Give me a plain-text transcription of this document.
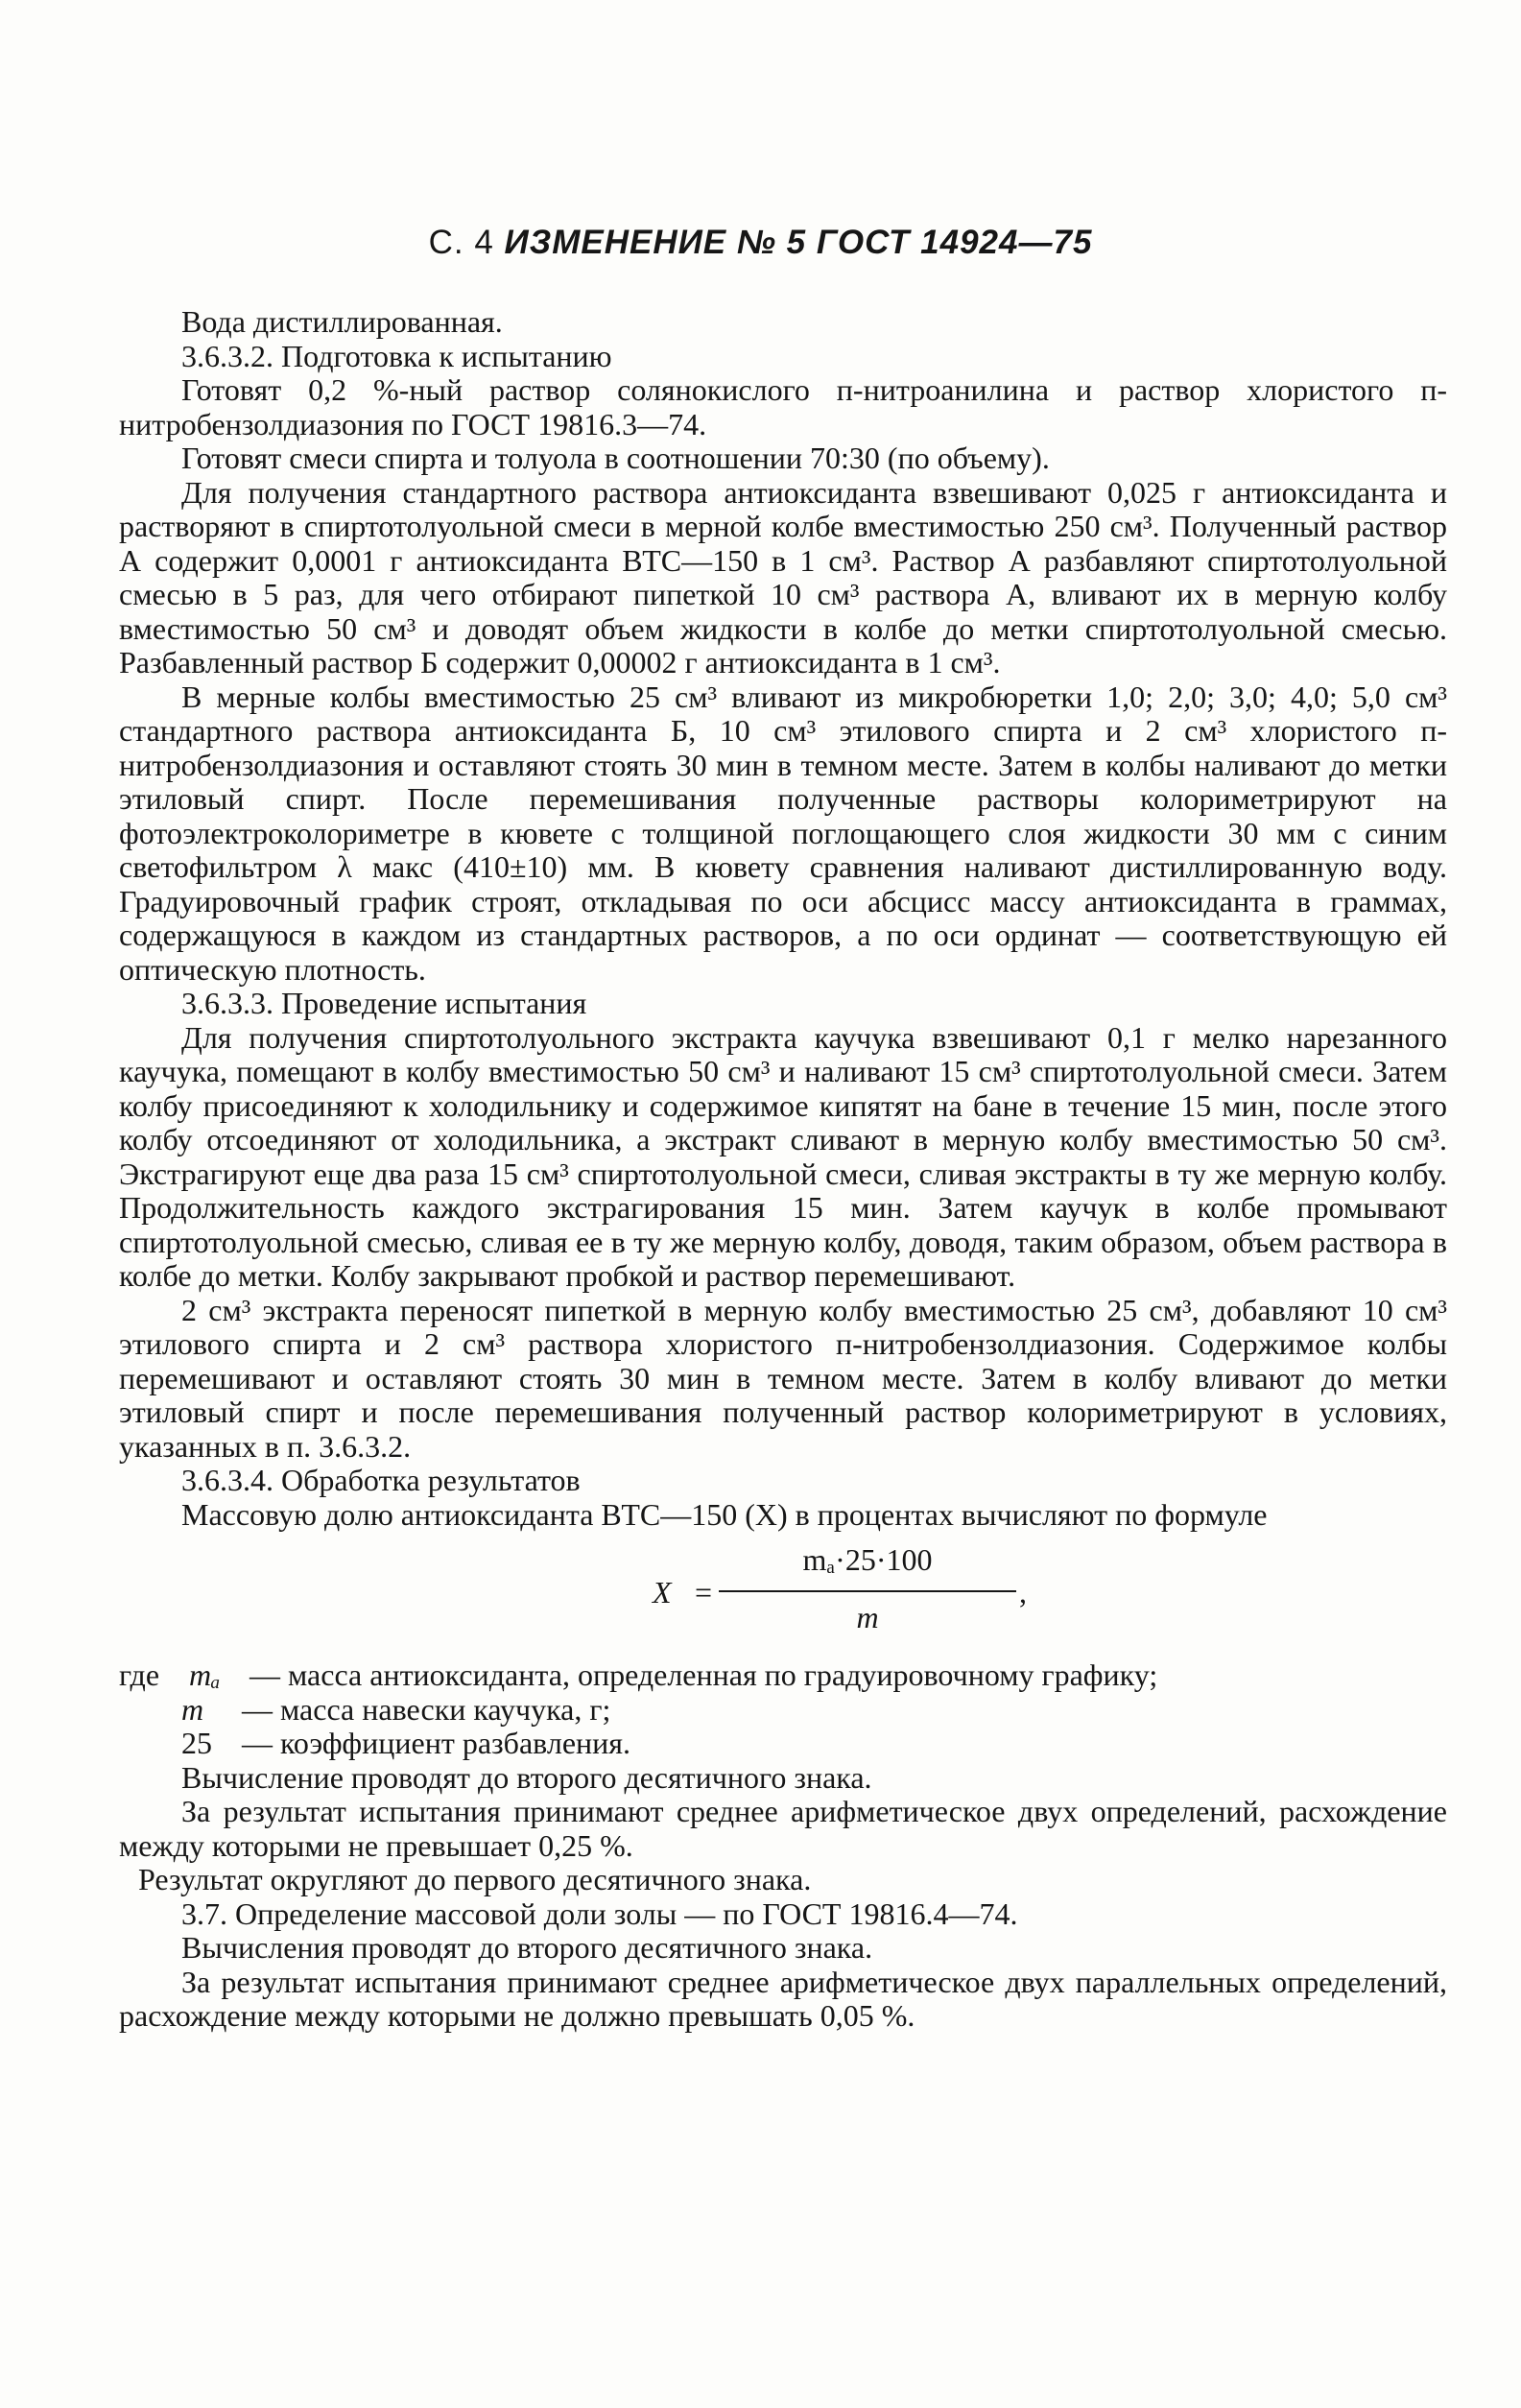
С. 4 ИЗМЕНЕНИЕ № 5 ГОСТ 14924—75

Вода дистиллированная.

3.6.3.2. Подготовка к испытанию

Готовят 0,2 %-ный раствор солянокислого п-нитроанилина и раствор хлористого п-нитробензолдиазония по ГОСТ 19816.3—74.

Готовят смеси спирта и толуола в соотношении 70:30 (по объему).

Для получения стандартного раствора антиоксиданта взвешивают 0,025 г антиоксиданта и растворяют в спиртотолуольной смеси в мерной колбе вместимостью 250 см³. Полученный раствор А содержит 0,0001 г антиоксиданта ВТС—150 в 1 см³. Раствор А разбавляют спиртотолуольной смесью в 5 раз, для чего отбирают пипеткой 10 см³ раствора А, вливают их в мерную колбу вместимостью 50 см³ и доводят объем жидкости в колбе до метки спиртотолуольной смесью. Разбавленный раствор Б содержит 0,00002 г антиоксиданта в 1 см³.

В мерные колбы вместимостью 25 см³ вливают из микробюретки 1,0; 2,0; 3,0; 4,0; 5,0 см³ стандартного раствора антиоксиданта Б, 10 см³ этилового спирта и 2 см³ хлористого п-нитробензолдиазония и оставляют стоять 30 мин в темном месте. Затем в колбы наливают до метки этиловый спирт. После перемешивания полученные растворы колориметрируют на фотоэлектроколориметре в кювете с толщиной поглощающего слоя жидкости 30 мм с синим светофильтром λ макс (410±10) мм. В кювету сравнения наливают дистиллированную воду. Градуировочный график строят, откладывая по оси абсцисс массу антиоксиданта в граммах, содержащуюся в каждом из стандартных растворов, а по оси ординат — соответствующую ей оптическую плотность.

3.6.3.3. Проведение испытания

Для получения спиртотолуольного экстракта каучука взвешивают 0,1 г мелко нарезанного каучука, помещают в колбу вместимостью 50 см³ и наливают 15 см³ спиртотолуольной смеси. Затем колбу присоединяют к холодильнику и содержимое кипятят на бане в течение 15 мин, после этого колбу отсоединяют от холодильника, а экстракт сливают в мерную колбу вместимостью 50 см³. Экстрагируют еще два раза 15 см³ спиртотолуольной смеси, сливая экстракты в ту же мерную колбу. Продолжительность каждого экстрагирования 15 мин. Затем каучук в колбе промывают спиртотолуольной смесью, сливая ее в ту же мерную колбу, доводя, таким образом, объем раствора в колбе до метки. Колбу закрывают пробкой и раствор перемешивают.

2 см³ экстракта переносят пипеткой в мерную колбу вместимостью 25 см³, добавляют 10 см³ этилового спирта и 2 см³ раствора хлористого п-нитробензолдиазония. Содержимое колбы перемешивают и оставляют стоять 30 мин в темном месте. Затем в колбу вливают до метки этиловый спирт и после перемешивания полученный раствор колориметрируют в условиях, указанных в п. 3.6.3.2.

3.6.3.4. Обработка результатов

Массовую долю антиоксиданта ВТС—150 (X) в процентах вычисляют по формуле

X =
mₐ·25·100
m
,

где mₐ — масса антиоксиданта, определенная по градуировочному графику;

m — масса навески каучука, г;

25 — коэффициент разбавления.

Вычисление проводят до второго десятичного знака.

За результат испытания принимают среднее арифметическое двух определений, расхождение между которыми не превышает 0,25 %.

Результат округляют до первого десятичного знака.

3.7. Определение массовой доли золы — по ГОСТ 19816.4—74.

Вычисления проводят до второго десятичного знака.

За результат испытания принимают среднее арифметическое двух параллельных определений, расхождение между которыми не должно превышать 0,05 %.
